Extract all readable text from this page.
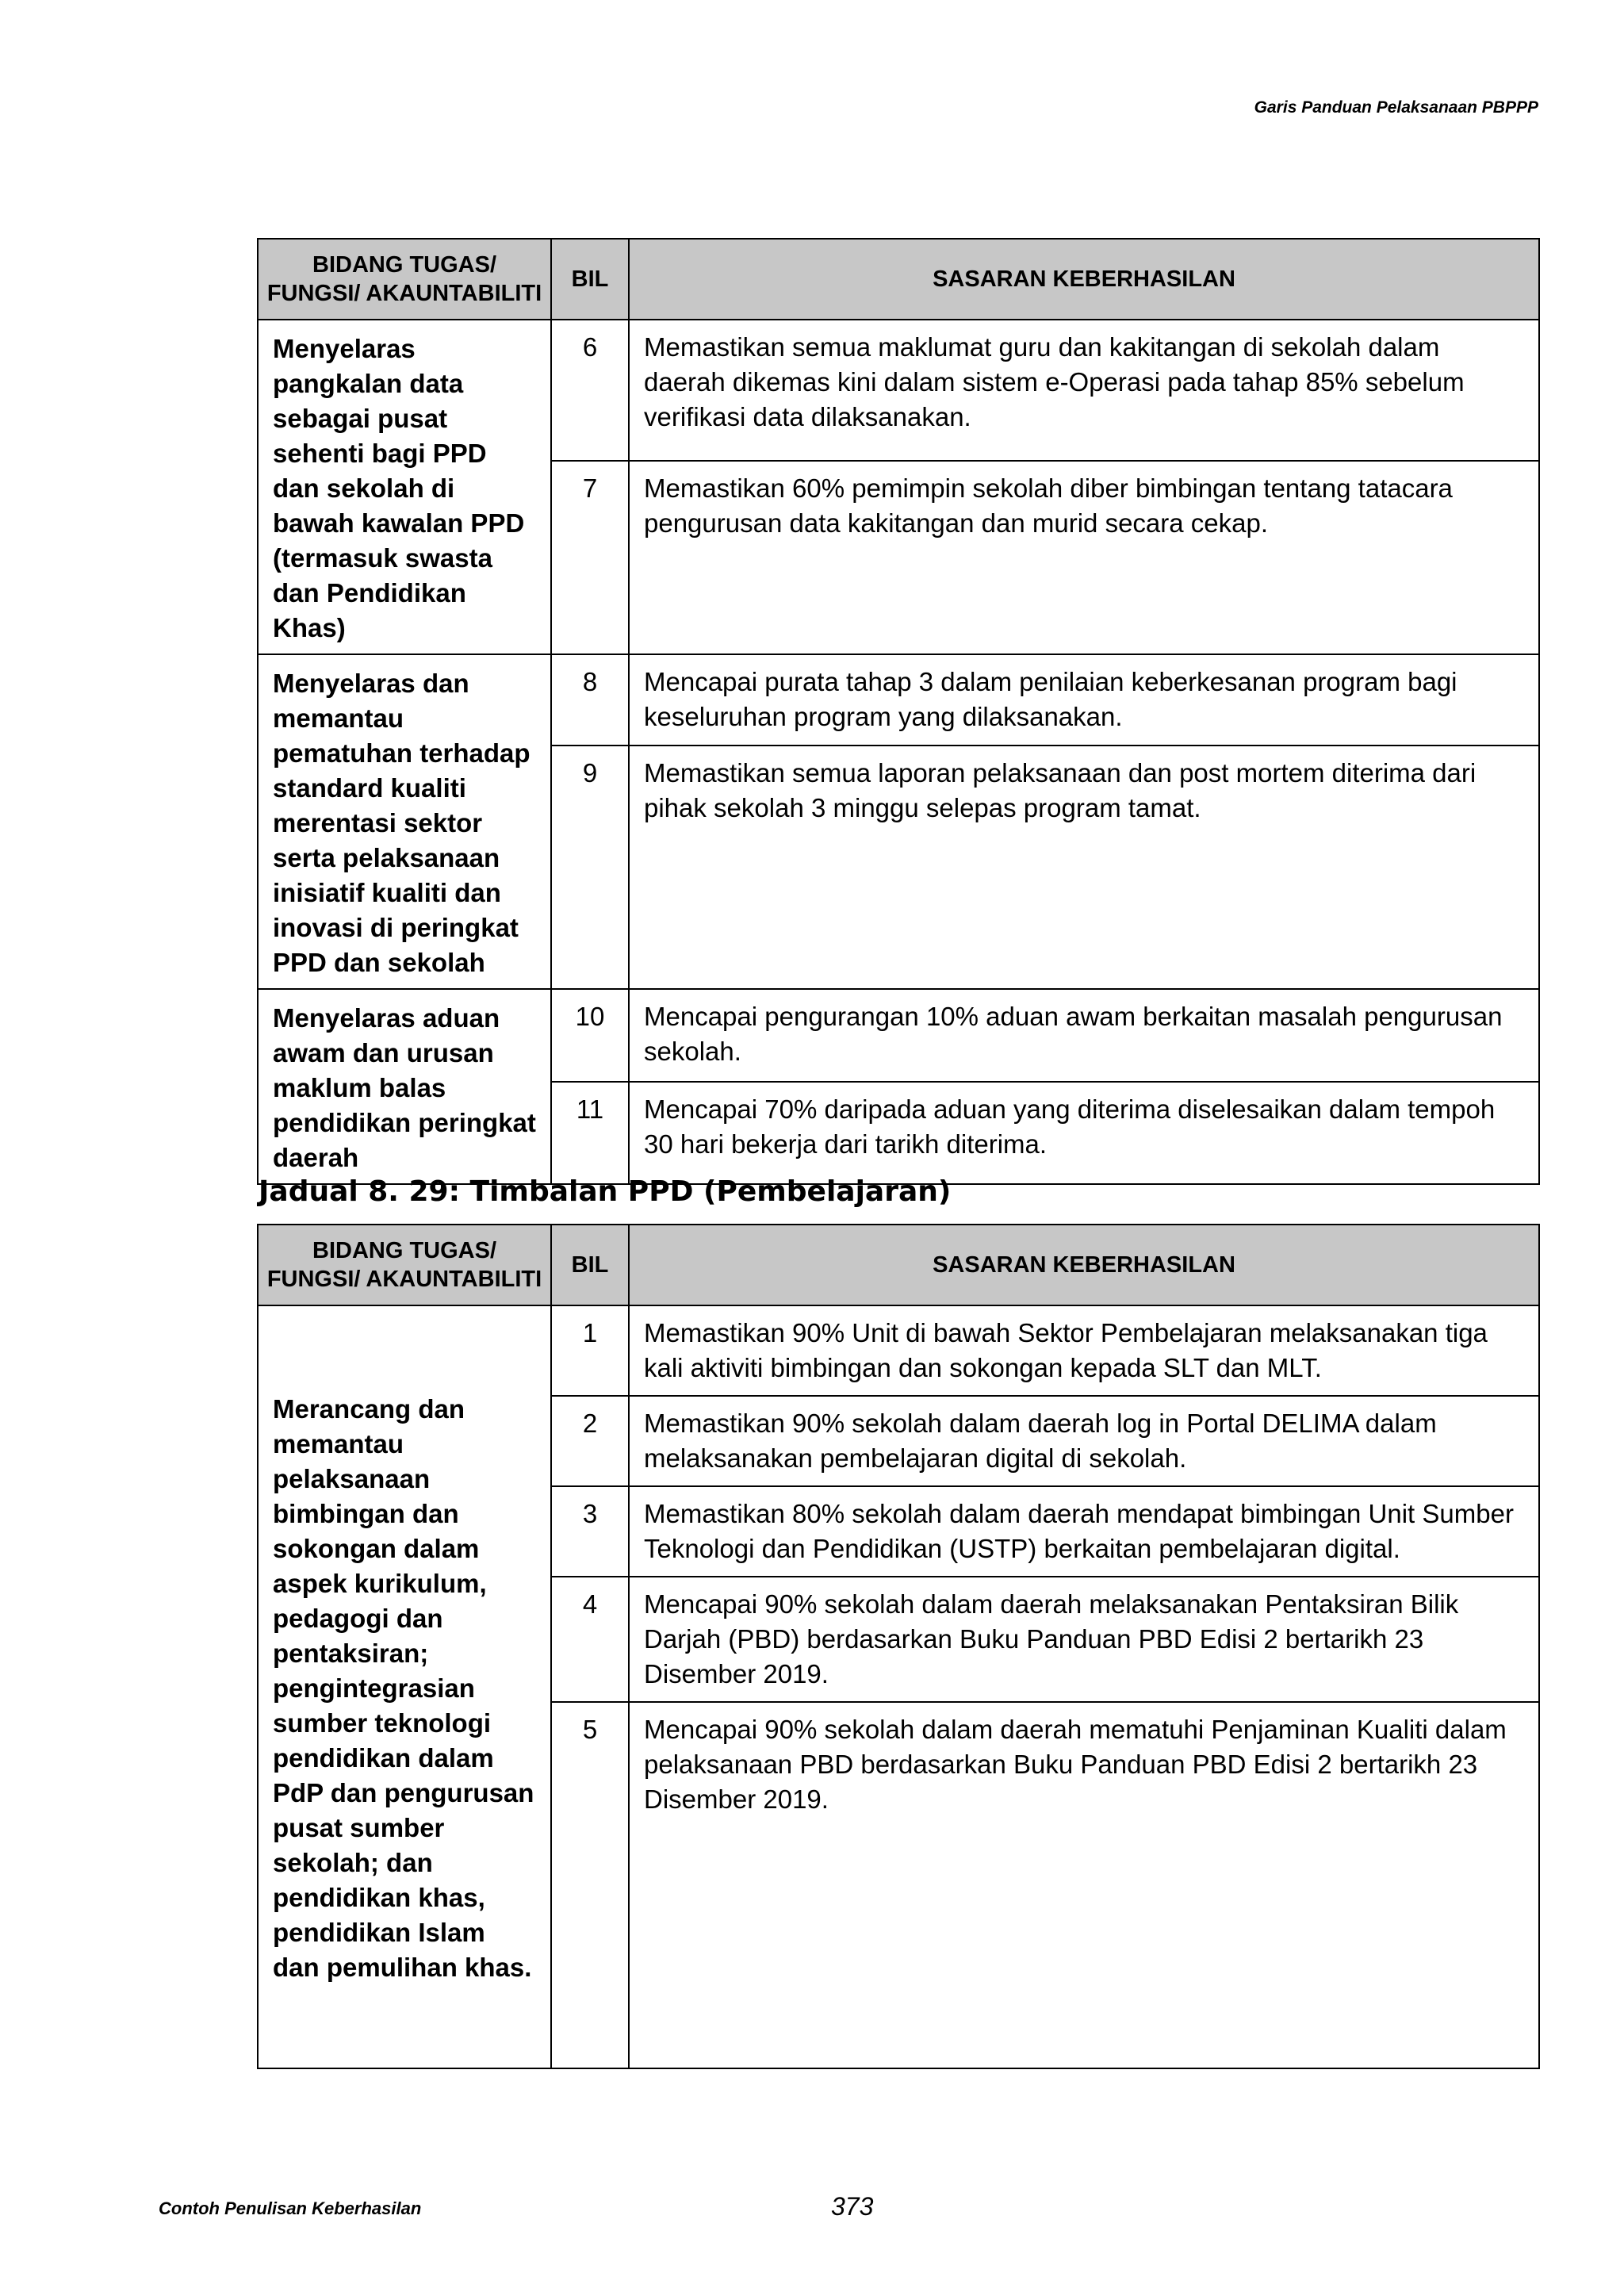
Garis Panduan Pelaksanaan PBPPP
BIDANG TUGAS/ FUNGSI/ AKAUNTABILITI	BIL	SASARAN KEBERHASILAN
Menyelaras pangkalan data sebagai pusat sehenti bagi PPD dan sekolah di bawah kawalan PPD (termasuk swasta dan Pendidikan Khas)	6	Memastikan semua maklumat guru dan kakitangan di sekolah dalam daerah dikemas kini dalam sistem e-Operasi pada tahap 85% sebelum verifikasi data dilaksanakan.
	7	Memastikan 60% pemimpin sekolah diber bimbingan tentang tatacara pengurusan data kakitangan dan murid secara cekap.
Menyelaras dan memantau pematuhan terhadap standard kualiti merentasi sektor serta pelaksanaan inisiatif kualiti dan inovasi di peringkat PPD dan sekolah	8	Mencapai purata tahap 3 dalam penilaian keberkesanan program bagi keseluruhan program yang dilaksanakan.
	9	Memastikan semua laporan pelaksanaan dan post mortem diterima dari pihak sekolah 3 minggu selepas program tamat.
Menyelaras aduan awam dan urusan maklum balas pendidikan peringkat daerah	10	Mencapai pengurangan 10% aduan awam berkaitan masalah pengurusan sekolah.
	11	Mencapai 70% daripada aduan yang diterima diselesaikan dalam tempoh 30 hari bekerja dari tarikh diterima.
Jadual 8. 29: Timbalan PPD (Pembelajaran)
BIDANG TUGAS/ FUNGSI/ AKAUNTABILITI	BIL	SASARAN KEBERHASILAN
Merancang dan memantau pelaksanaan bimbingan dan sokongan dalam aspek kurikulum, pedagogi dan pentaksiran; pengintegrasian sumber teknologi pendidikan dalam PdP dan pengurusan pusat sumber sekolah; dan pendidikan khas, pendidikan Islam dan pemulihan khas.	1	Memastikan 90% Unit di bawah Sektor Pembelajaran melaksanakan tiga kali aktiviti bimbingan dan sokongan kepada SLT dan MLT.
	2	Memastikan 90% sekolah dalam daerah log in Portal DELIMA dalam melaksanakan pembelajaran digital di sekolah.
	3	Memastikan 80% sekolah dalam daerah mendapat bimbingan Unit Sumber Teknologi dan Pendidikan (USTP) berkaitan pembelajaran digital.
	4	Mencapai 90% sekolah dalam daerah melaksanakan Pentaksiran Bilik Darjah (PBD) berdasarkan Buku Panduan PBD Edisi 2 bertarikh 23 Disember 2019.
	5	Mencapai 90% sekolah dalam daerah mematuhi Penjaminan Kualiti dalam pelaksanaan PBD berdasarkan Buku Panduan PBD Edisi 2 bertarikh 23 Disember 2019.
Contoh Penulisan Keberhasilan	373
